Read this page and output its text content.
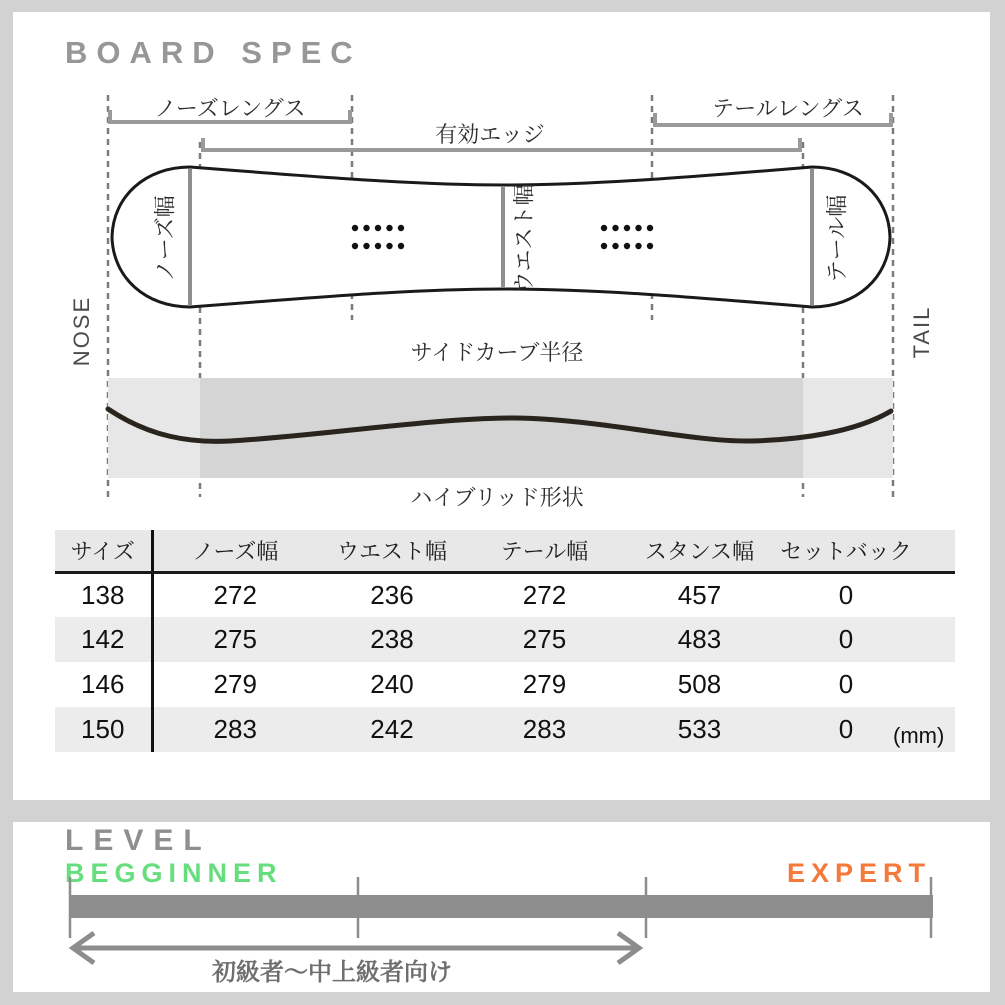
BOARD SPEC
ノーズレングス
有効エッジ
テールレングス
ノーズ幅	ウエスト幅	テール幅
NOSE	TAIL
サイドカーブ半径
ハイブリッド形状
サイズ	ノーズ幅	ウエスト幅	テール幅	スタンス幅	セットバック
138	272	236	272	457	0
142	275	238	275	483	0
146	279	240	279	508	0
150	283	242	283	533	0 (mm)
LEVEL
BEGGINNER	EXPERT
初級者〜中上級者向け
